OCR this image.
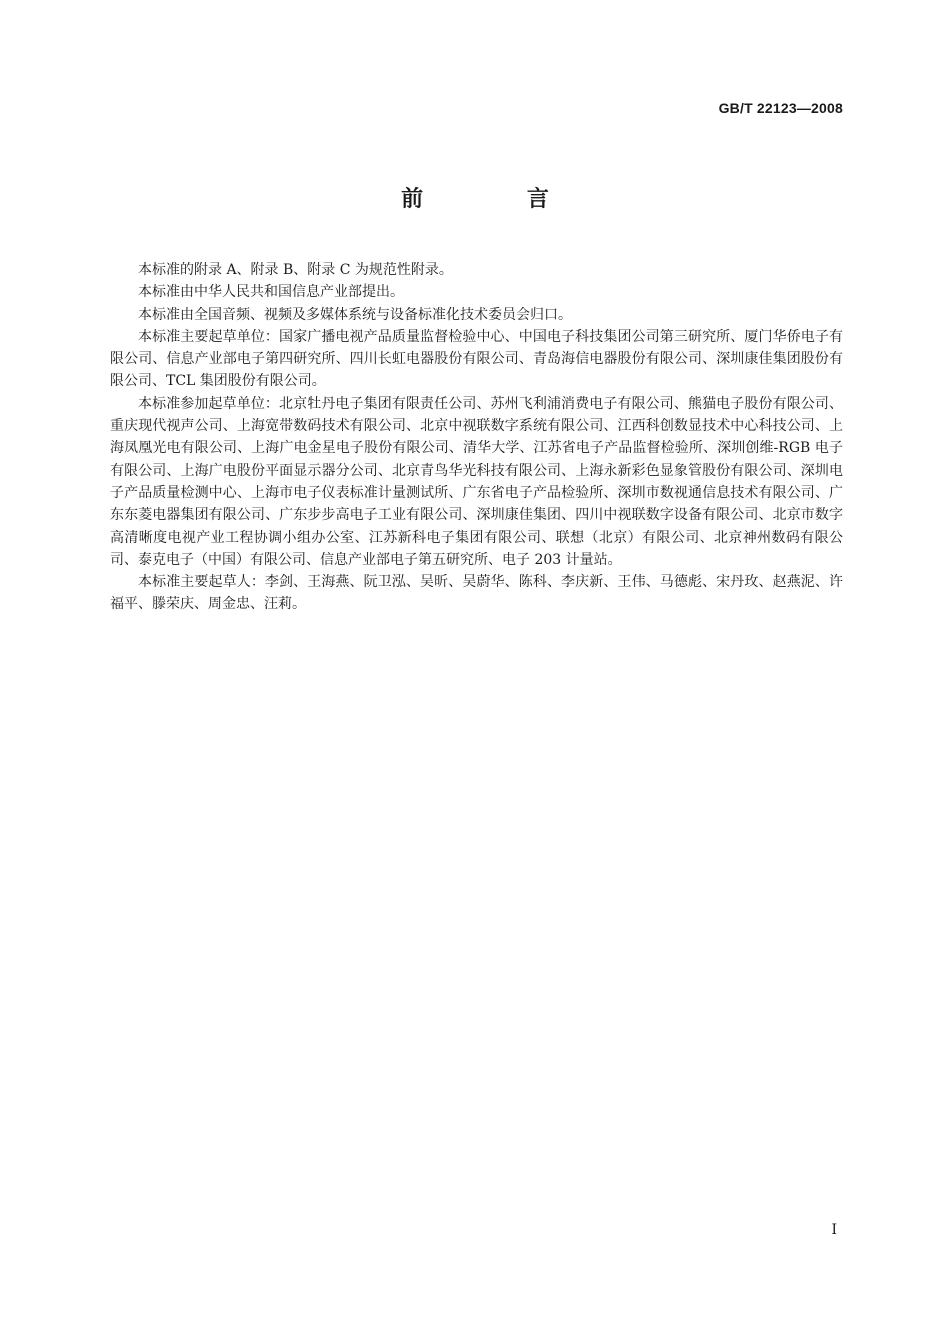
GB/T 22123—2008
前 言

本标准的附录 A、附录 B、附录 C 为规范性附录。

本标准由中华人民共和国信息产业部提出。

本标准由全国音频、视频及多媒体系统与设备标准化技术委员会归口。

本标准主要起草单位：国家广播电视产品质量监督检验中心、中国电子科技集团公司第三研究所、厦门华侨电子有限公司、信息产业部电子第四研究所、四川长虹电器股份有限公司、青岛海信电器股份有限公司、深圳康佳集团股份有限公司、TCL 集团股份有限公司。

本标准参加起草单位：北京牡丹电子集团有限责任公司、苏州飞利浦消费电子有限公司、熊猫电子股份有限公司、重庆现代视声公司、上海宽带数码技术有限公司、北京中视联数字系统有限公司、江西科创数显技术中心科技公司、上海凤凰光电有限公司、上海广电金星电子股份有限公司、清华大学、江苏省电子产品监督检验所、深圳创维-RGB 电子有限公司、上海广电股份平面显示器分公司、北京青鸟华光科技有限公司、上海永新彩色显象管股份有限公司、深圳电子产品质量检测中心、上海市电子仪表标准计量测试所、广东省电子产品检验所、深圳市数视通信息技术有限公司、广东东菱电器集团有限公司、广东步步高电子工业有限公司、深圳康佳集团、四川中视联数字设备有限公司、北京市数字高清晰度电视产业工程协调小组办公室、江苏新科电子集团有限公司、联想（北京）有限公司、北京神州数码有限公司、泰克电子（中国）有限公司、信息产业部电子第五研究所、电子 203 计量站。

本标准主要起草人：李剑、王海燕、阮卫泓、吴昕、吴蔚华、陈科、李庆新、王伟、马德彪、宋丹玫、赵燕泥、许福平、滕荣庆、周金忠、汪莉。

I
